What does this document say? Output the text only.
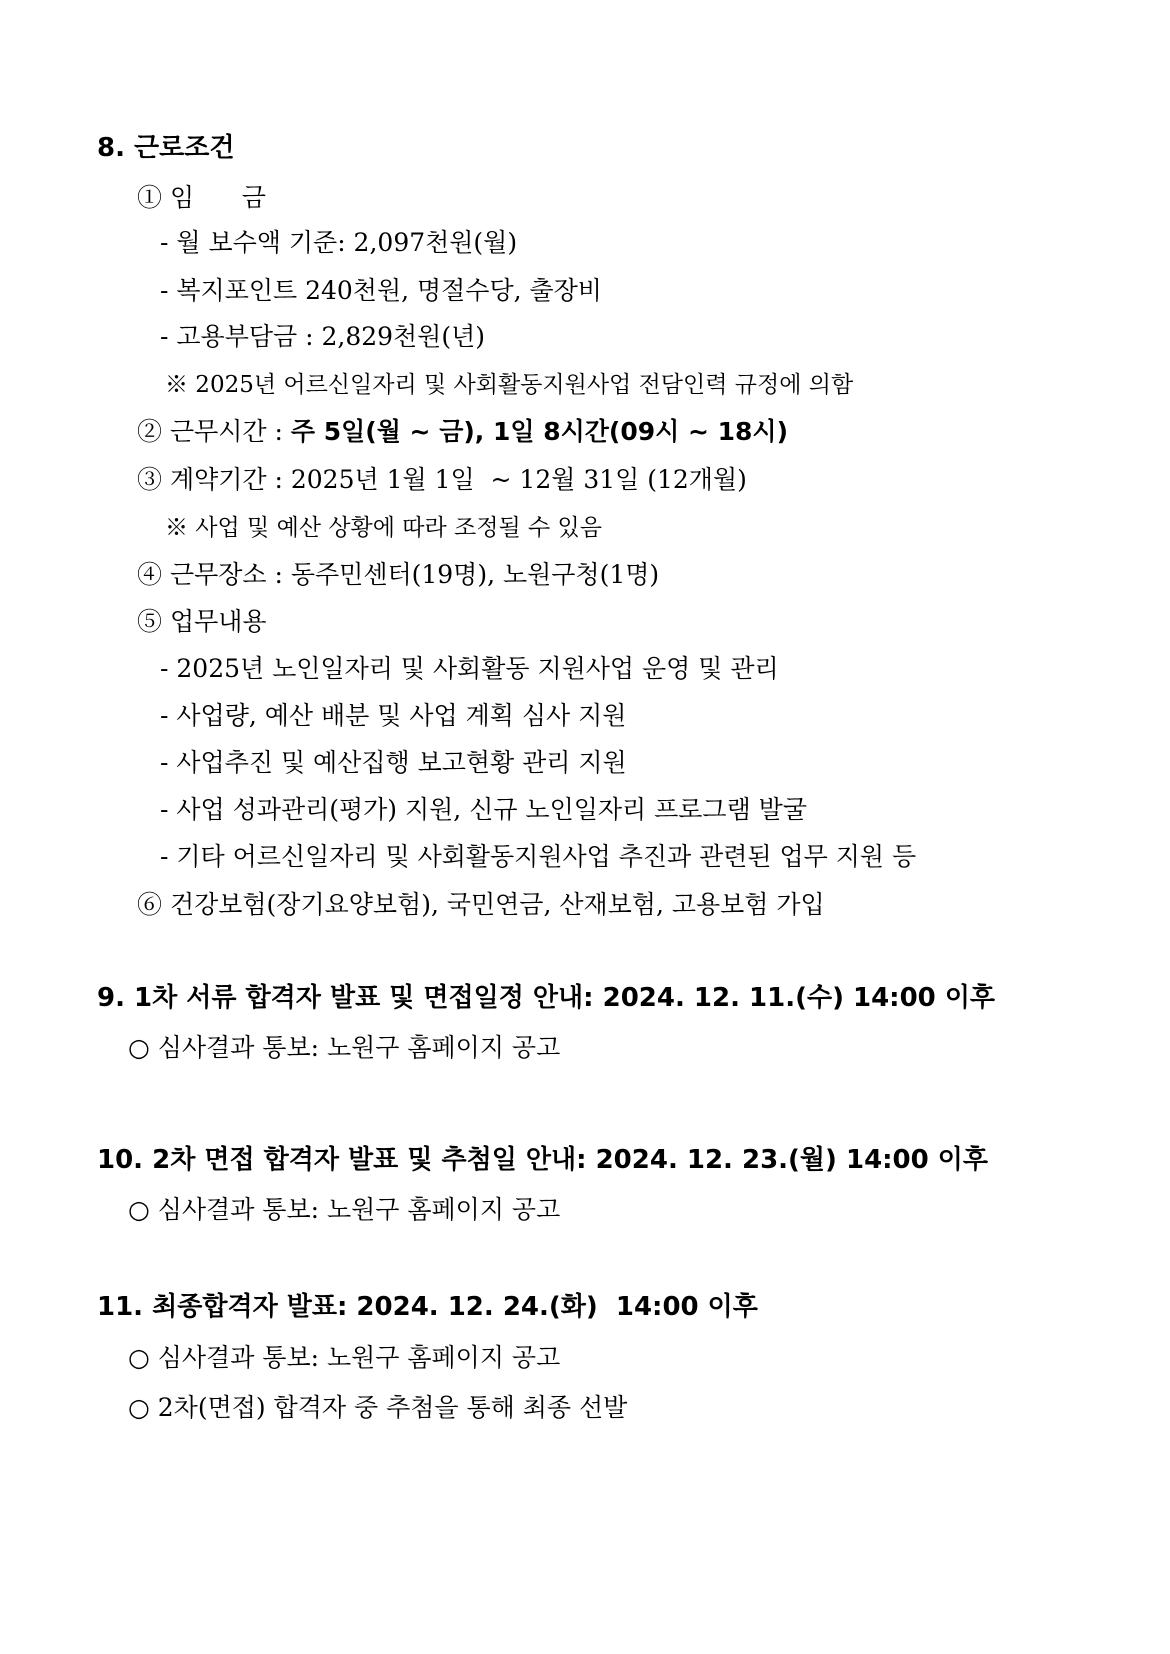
8. 근로조건
① 임      금
- 월 보수액 기준: 2,097천원(월)
- 복지포인트 240천원, 명절수당, 출장비
- 고용부담금 : 2,829천원(년)
※ 2025년 어르신일자리 및 사회활동지원사업 전담인력 규정에 의함
② 근무시간 : 주 5일(월 ~ 금), 1일 8시간(09시 ~ 18시)
③ 계약기간 : 2025년 1월 1일  ~ 12월 31일 (12개월)
※ 사업 및 예산 상황에 따라 조정될 수 있음
④ 근무장소 : 동주민센터(19명), 노원구청(1명)
⑤ 업무내용
- 2025년 노인일자리 및 사회활동 지원사업 운영 및 관리
- 사업량, 예산 배분 및 사업 계획 심사 지원
- 사업추진 및 예산집행 보고현황 관리 지원
- 사업 성과관리(평가) 지원, 신규 노인일자리 프로그램 발굴
- 기타 어르신일자리 및 사회활동지원사업 추진과 관련된 업무 지원 등
⑥ 건강보험(장기요양보험), 국민연금, 산재보험, 고용보험 가입
9. 1차 서류 합격자 발표 및 면접일정 안내: 2024. 12. 11.(수) 14:00 이후
○ 심사결과 통보: 노원구 홈페이지 공고
10. 2차 면접 합격자 발표 및 추첨일 안내: 2024. 12. 23.(월) 14:00 이후
○ 심사결과 통보: 노원구 홈페이지 공고
11. 최종합격자 발표: 2024. 12. 24.(화)  14:00 이후
○ 심사결과 통보: 노원구 홈페이지 공고
○ 2차(면접) 합격자 중 추첨을 통해 최종 선발
